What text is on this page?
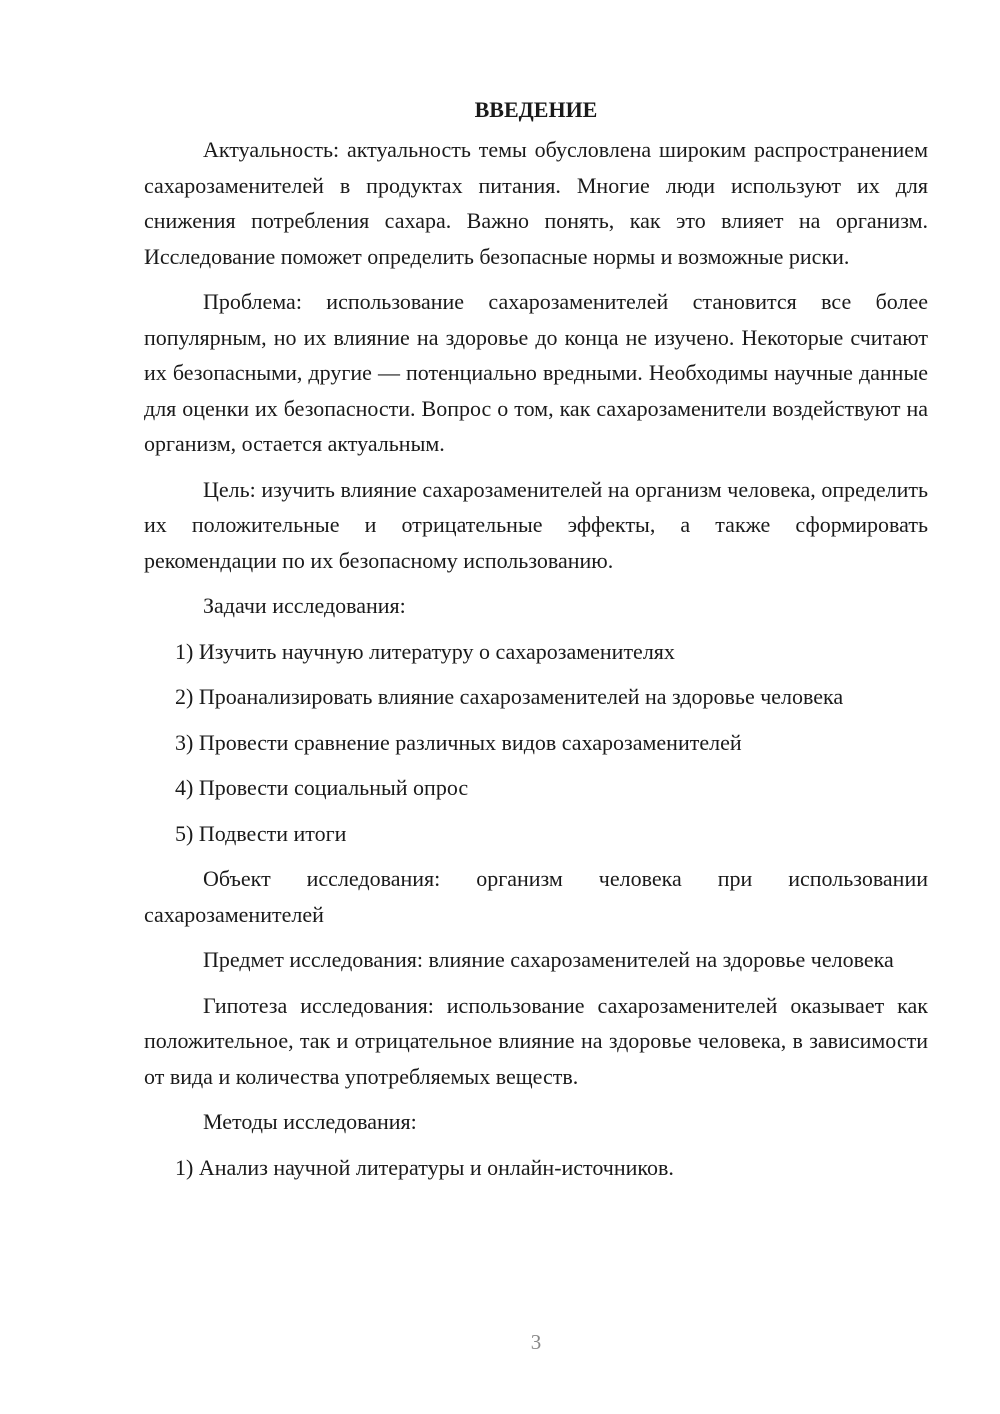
ВВЕДЕНИЕ

Актуальность: актуальность темы обусловлена широким распространением сахарозаменителей в продуктах питания. Многие люди используют их для снижения потребления сахара. Важно понять, как это влияет на организм. Исследование поможет определить безопасные нормы и возможные риски.

Проблема: использование сахарозаменителей становится все более популярным, но их влияние на здоровье до конца не изучено. Некоторые считают их безопасными, другие — потенциально вредными. Необходимы научные данные для оценки их безопасности. Вопрос о том, как сахарозаменители воздействуют на организм, остается актуальным.

Цель: изучить влияние сахарозаменителей на организм человека, определить их положительные и отрицательные эффекты, а также сформировать рекомендации по их безопасному использованию.

Задачи исследования:

1) Изучить научную литературу о сахарозаменителях

2) Проанализировать влияние сахарозаменителей на здоровье человека

3) Провести сравнение различных видов сахарозаменителей

4) Провести социальный опрос

5) Подвести итоги

Объект исследования: организм человека при использовании сахарозаменителей

Предмет исследования: влияние сахарозаменителей на здоровье человека

Гипотеза исследования: использование сахарозаменителей оказывает как положительное, так и отрицательное влияние на здоровье человека, в зависимости от вида и количества употребляемых веществ.

Методы исследования:

1) Анализ научной литературы и онлайн-источников.

3
